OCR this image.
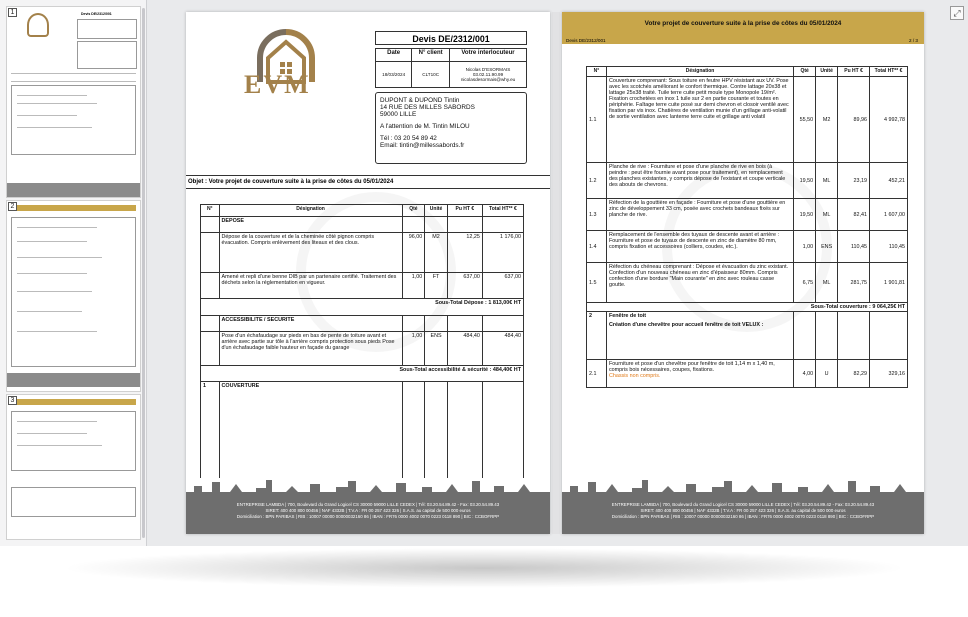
1	Devis DE/2312/001
2
3
EVM
Devis DE/2312/001
Date	N° client	Votre interlocuteur
18/03/2024	CLT10C	Nicolas D'ESORMAIS
03.02.11.90.99
nicolasdesormais@why.eu
DUPONT & DUPOND Tintin
14 RUE DES MILLES SABORDS
59000 LILLE
A l'attention de M. Tintin MILOU
Tél : 03 20 54 89 42
Email: tintin@millessabords.fr
Objet : Votre projet de couverture suite à la prise de côtes du 05/01/2024
N°	Désignation	Qté	Unité	Pu HT €	Total HT** €
	DEPOSE				
	Dépose de la couverture et de la cheminée côté pignon compris évacuation. Compris enlèvement des liteaux et des clous.	96,00	M2	12,25	1 176,00
	Amené et repli d'une benne DIB par un partenaire certifié. Traitement des déchets selon la réglementation en vigueur.	1,00	FT	637,00	637,00
Sous-Total Dépose : 1 813,00€ HT					
	ACCESSIBILITE / SECURITE				
	Pose d'un échafaudage sur pieds en bas de pente de toiture avant et arrière avec partie sur tôle à l'arrière compris protection sous pieds Pose d'un échafaudage faible hauteur en façade du garage	1,00	ENS	484,40	484,40
Sous-Total accessibilité & sécurité : 484,40€ HT					
1	COUVERTURE				
ENTREPRISE LAMBDA | 700, Boulevard du Grand Logicel CS 30000 59000 LILLE CEDEX | Tél: 03.20.54.89.42 - Fax: 03.20.54.89.43
SIRET: 400 400 800 00456 | NAF 4332B | T.V.A : FR 00 257 423 326 | S.A.S. au capital de 500 000 euros
Domiciliation : BPN PARIBAS | RIB : 10007 00000 00000032160 86 | IBAN : FR76 0000 4002 0070 0223 0118 890 | BIC : CCBOFRPP
Votre projet de couverture suite à la prise de côtes du 05/01/2024
Devis DE/2312/001	2 / 3
N°	Désignation	Qté	Unité	Pu HT €	Total HT** €
1.1	Couverture comprenant: Sous toiture en feutre HPV résistant aux UV. Pose avec les scotchés améliorant le confort thermique. Contre lattage 20x38 et lattage 25x38 traité. Tuile terre cuite petit moule type Monopole 19/m². Fixation crochetées en inox 1 tuile sur 2 en partie courante et toutes en périphérie. Faîtage terre cuite posé sur demi chevron et closoir ventilé avec fixation par vis inox. Chatières de ventilation munie d'un grillage anti-volatil de sortie ventilation avec lanterne terre cuite et grillage anti volatil	55,50	M2	89,96	4 992,78
1.2	Planche de rive : Fourniture et pose d'une planche de rive en bois (à peindre : peut être fournie avant pose pour traitement), en remplacement des planches existantes, y compris dépose de l'existant et coupe verticale des abouts de chevrons.	19,50	ML	23,19	452,21
1.3	Réfection de la gouttière en façade : Fourniture et pose d'une gouttière en zinc de développement 33 cm, posée avec crochets bandeaux fixés sur planche de rive.	19,50	ML	82,41	1 607,00
1.4	Remplacement de l'ensemble des tuyaux de descente avant et arrière : Fourniture et pose de tuyaux de descente en zinc de diamètre 80 mm, compris fixation et accessoires (colliers, coudes, etc.).	1,00	ENS	110,45	110,45
1.5	Réfection du chéneau comprenant : Dépose et évacuation du zinc existant. Confection d'un nouveau chéneau en zinc d'épaisseur 80mm. Compris confection d'une bordure "Main courante" en zinc avec rouleau casse goutte.	6,75	ML	281,75	1 901,81
Sous-Total couverture : 9 064,25€ HT					
2	Fenêtre de toit
Création d'une chevêtre pour accueil fenêtre de toit VELUX :				

2.1	Fourniture et pose d'un chevêtre pour fenêtre de toit 1,14 m x 1,40 m, compris bois nécessaires, coupes, fixations.
Chassis non compris.	4,00	U	82,29	329,16
ENTREPRISE LAMBDA | 700, Boulevard du Grand Logicel CS 30000 59000 LILLE CEDEX | Tél: 03.20.54.89.42 - Fax: 03.20.54.89.43
SIRET: 400 400 800 00456 | NAF 4332B | T.V.A : FR 00 257 423 326 | S.A.S. au capital de 500 000 euros
Domiciliation : BPN PARIBAS | RIB : 10007 00000 00000032160 86 | IBAN : FR76 0000 4002 0070 0223 0118 890 | BIC : CCBOFRPP
⤢
